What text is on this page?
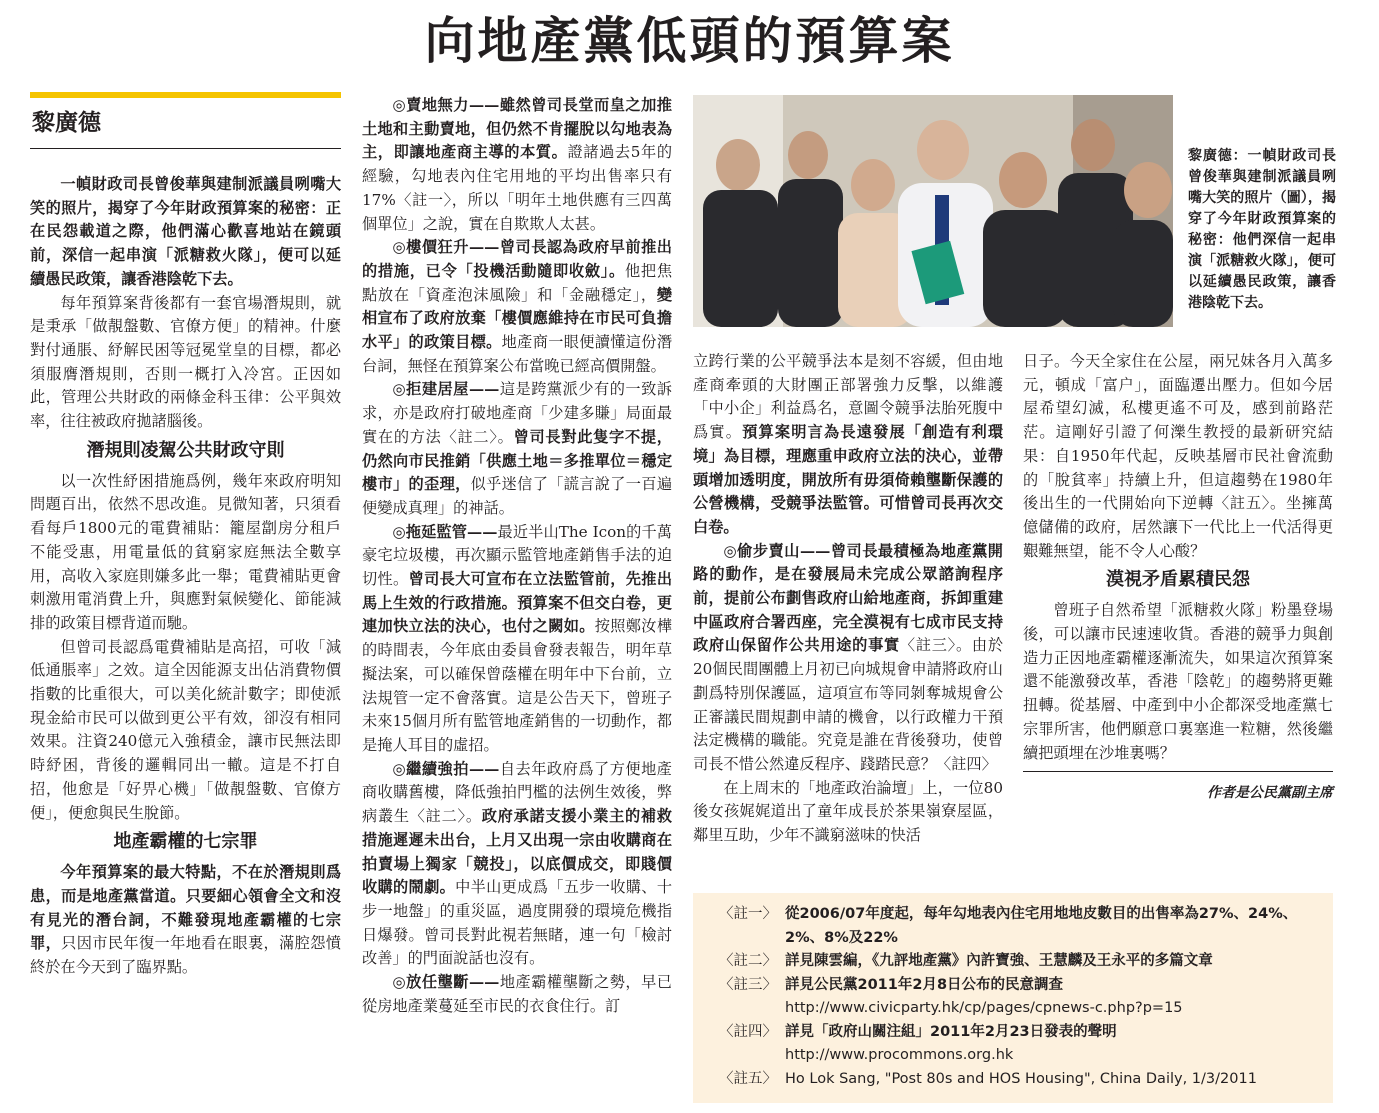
向地產黨低頭的預算案
黎廣德

一幀財政司長曾俊華與建制派議員咧嘴大笑的照片，揭穿了今年財政預算案的秘密：正在民怨載道之際，他們滿心歡喜地站在鏡頭前，深信一起串演「派糖救火隊」，便可以延續愚民政策，讓香港陰乾下去。

每年預算案背後都有一套官場潛規則，就是秉承「做靚盤數、官僚方便」的精神。什麼對付通脹、紓解民困等冠冕堂皇的目標，都必須服膺潛規則，否則一概打入冷宮。正因如此，管理公共財政的兩條金科玉律：公平與效率，往往被政府拋諸腦後。

潛規則凌駕公共財政守則

以一次性紓困措施爲例，幾年來政府明知問題百出，依然不思改進。見微知著，只須看看每戶1800元的電費補貼：籠屋劏房分租戶不能受惠，用電量低的貧窮家庭無法全數享用，高收入家庭則嫌多此一舉；電費補貼更會刺激用電消費上升，與應對氣候變化、節能減排的政策目標背道而馳。

但曾司長認爲電費補貼是高招，可收「減低通脹率」之效。這全因能源支出佔消費物價指數的比重很大，可以美化統計數字；即使派現金給市民可以做到更公平有效，卻沒有相同效果。注資240億元入強積金，讓市民無法即時紓困，背後的邏輯同出一轍。這是不打自招，他愈是「好畀心機」「做靚盤數、官僚方便」，便愈與民生脫節。

地產霸權的七宗罪

今年預算案的最大特點，不在於潛規則爲患，而是地產黨當道。只要細心領會全文和沒有見光的潛台詞，不難發現地產霸權的七宗罪，只因市民年復一年地看在眼裏，滿腔怨憤終於在今天到了臨界點。

◎賣地無力——雖然曾司長堂而皇之加推土地和主動賣地，但仍然不肯擺脫以勾地表為主，即讓地產商主導的本質。證諸過去5年的經驗，勾地表內住宅用地的平均出售率只有17%〈註一〉，所以「明年土地供應有三四萬個單位」之說，實在自欺欺人太甚。

◎樓價狂升——曾司長認為政府早前推出的措施，已令「投機活動隨即收斂」。他把焦點放在「資產泡沫風險」和「金融穩定」，變相宣布了政府放棄「樓價應維持在市民可負擔水平」的政策目標。地產商一眼便讀懂這份潛台詞，無怪在預算案公布當晚已經高價開盤。

◎拒建居屋——這是跨黨派少有的一致訴求，亦是政府打破地產商「少建多賺」局面最實在的方法〈註二〉。曾司長對此隻字不提，仍然向市民推銷「供應土地＝多推單位＝穩定樓市」的歪理，似乎迷信了「謊言說了一百遍便變成真理」的神話。

◎拖延監管——最近半山The Icon的千萬豪宅垃圾樓，再次顯示監管地產銷售手法的迫切性。曾司長大可宣布在立法監管前，先推出馬上生效的行政措施。預算案不但交白卷，更連加快立法的決心，也付之闕如。按照鄭汝樺的時間表，今年底由委員會發表報告，明年草擬法案，可以確保曾蔭權在明年中下台前，立法規管一定不會落實。這是公告天下，曾班子未來15個月所有監管地產銷售的一切動作，都是掩人耳目的虛招。

◎繼續強拍——自去年政府爲了方便地產商收購舊樓，降低強拍門檻的法例生效後，弊病叢生〈註二〉。政府承諾支援小業主的補救措施遲遲未出台，上月又出現一宗由收購商在拍賣場上獨家「競投」，以底價成交，即賤價收購的鬧劇。中半山更成爲「五步一收購、十步一地盤」的重災區，過度開發的環境危機指日爆發。曾司長對此視若無睹，連一句「檢討改善」的門面說話也沒有。

◎放任壟斷——地產霸權壟斷之勢，早已從房地產業蔓延至市民的衣食住行。訂

黎廣德：一幀財政司長曾俊華與建制派議員咧嘴大笑的照片（圖），揭穿了今年財政預算案的秘密：他們深信一起串演「派糖救火隊」，便可以延續愚民政策，讓香港陰乾下去。

立跨行業的公平競爭法本是刻不容緩，但由地產商牽頭的大財團正部署強力反擊，以維護「中小企」利益爲名，意圖令競爭法胎死腹中爲實。預算案明言為長遠發展「創造有利環境」為目標，理應重申政府立法的決心，並帶頭增加透明度，開放所有毋須倚賴壟斷保護的公營機構，受競爭法監管。可惜曾司長再次交白卷。

◎偷步賣山——曾司長最積極為地產黨開路的動作，是在發展局未完成公眾諮詢程序前，提前公布劃售政府山給地產商，拆卸重建中區政府合署西座，完全漠視有七成市民支持政府山保留作公共用途的事實〈註三〉。由於20個民間團體上月初已向城規會申請將政府山劃爲特別保護區，這項宣布等同剝奪城規會公正審議民間規劃申請的機會，以行政權力干預法定機構的職能。究竟是誰在背後發功，使曾司長不惜公然違反程序、踐踏民意？〈註四〉

在上周末的「地產政治論壇」上，一位80後女孩娓娓道出了童年成長於茶果嶺寮屋區，鄰里互助，少年不識窮滋味的快活

日子。今天全家住在公屋，兩兄妹各月入萬多元，頓成「富户」，面臨遷出壓力。但如今居屋希望幻滅，私樓更遙不可及，感到前路茫茫。這剛好引證了何濼生教授的最新研究結果：自1950年代起，反映基層市民社會流動的「脫貧率」持續上升，但這趨勢在1980年後出生的一代開始向下逆轉〈註五〉。坐擁萬億儲備的政府，居然讓下一代比上一代活得更艱難無望，能不令人心酸？

漠視矛盾累積民怨

曾班子自然希望「派糖救火隊」粉墨登場後，可以讓市民速速收貨。香港的競爭力與創造力正因地產霸權逐漸流失，如果這次預算案還不能激發改革，香港「陰乾」的趨勢將更難扭轉。從基層、中產到中小企都深受地產黨七宗罪所害，他們願意口裏塞進一粒糖，然後繼續把頭埋在沙堆裏嗎？

作者是公民黨副主席
〈註一〉 從2006/07年度起，每年勾地表內住宅用地地皮數目的出售率為27%、24%、2%、8%及22%
〈註二〉 詳見陳雲編，《九評地產黨》內許寶強、王慧麟及王永平的多篇文章
〈註三〉 詳見公民黨2011年2月8日公布的民意調查
http://www.civicparty.hk/cp/pages/cpnews-c.php?p=15
〈註四〉 詳見「政府山關注組」2011年2月23日發表的聲明
http://www.procommons.org.hk
〈註五〉 Ho Lok Sang, "Post 80s and HOS Housing", China Daily, 1/3/2011
